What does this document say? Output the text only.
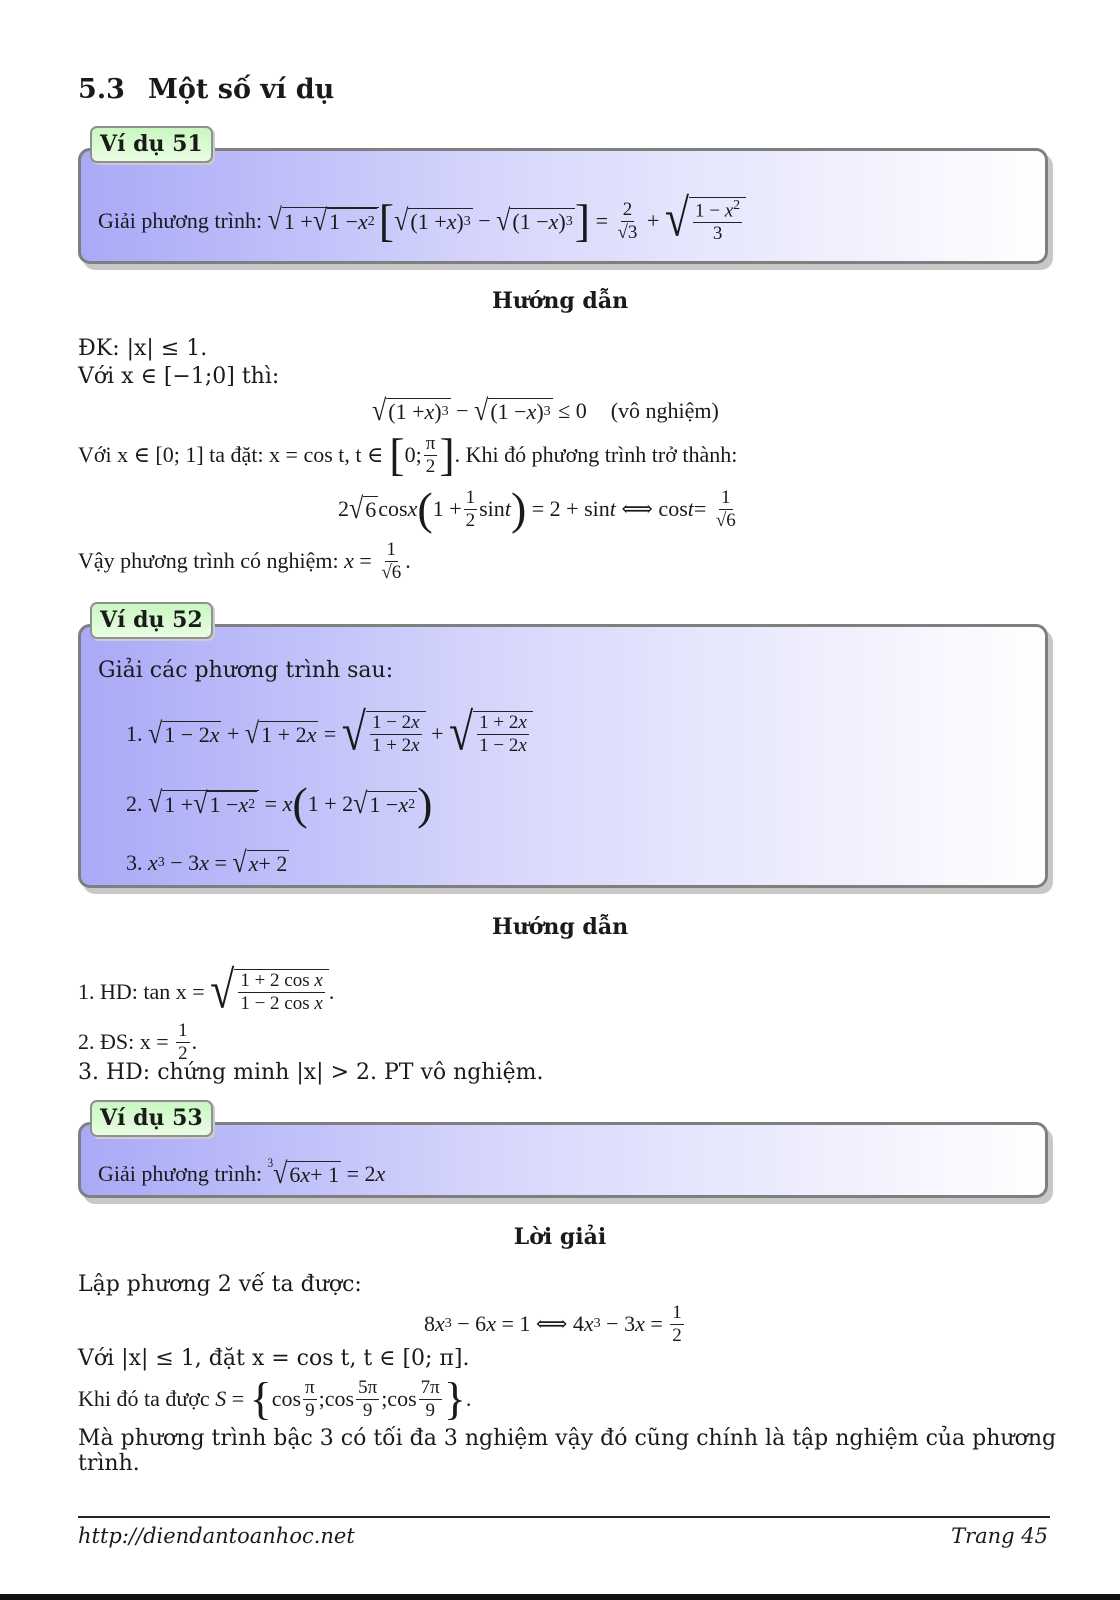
5.3 Một số ví dụ
Ví dụ 51
Giải phương trình:
√ 1 + √ 1 − x 2 [ √ (1 + x ) 3 − √ (1 − x ) 3 ] = $\frac{2}{√3}$ + √ $\frac{1 - x^2}{3}$
Hướng dẫn
ĐK: |x| ≤ 1.
Với x ∈ [−1;0] thì:
√ (1 + x ) 3 − √ (1 − x ) 3 ≤ 0 (vô nghiệm)
Với x ∈ [0; 1] ta đặt: x = cos t, t ∈ [ 0; $\frac{\pi}{2}$ ] . Khi đó phương trình trở thành:
2 √ 6 cos x ( $1 + \frac{1}{2}$ sin t ) = 2 + sin t ⟺ $\cos t = \frac{1}{√6}$
Vậy phương trình có nghiệm:
$x = \frac{1}{√6}$ .
Ví dụ 52
Giải các phương trình sau:
1.
√ 1 − 2 x + √ 1 + 2 x = √ $\frac{1 - 2x}{1 + 2x}$ + √ $\frac{1 + 2x}{1 - 2x}$
2.
√ 1 + √ 1 − x 2 = x ( 1 + 2 √ 1 − x 2 )
3.
x 3 − 3 x = √ x + 2
Hướng dẫn
1. HD: tan x =
√ $\frac{\text{1 + 2 cos x}}{\text{1 − 2 cos x}}$ .
2. ĐS: x =
$\frac{1}{2}$ .
3. HD: chứng minh |x| > 2. PT vô nghiệm.
Ví dụ 53
Giải phương trình:
$^3$√ 6 x + 1 = 2 x
Lời giải
Lập phương 2 vế ta được:
8 x 3 − 6 x = 1 ⟺ 4 x 3 − 3 $x = \frac{1}{2}$
Với |x| ≤ 1, đặt x = cos t, t ∈ [0; π].
Khi đó ta được
S = { $\cos \frac{\pi}{9}$ ;cos $\frac{5\pi}{9}$ ;cos $\frac{7\pi}{9}$ } .
Mà phương trình bậc 3 có tối đa 3 nghiệm vậy đó cũng chính là tập nghiệm của phương trình.
http://diendantoanhoc.net	Trang 45
